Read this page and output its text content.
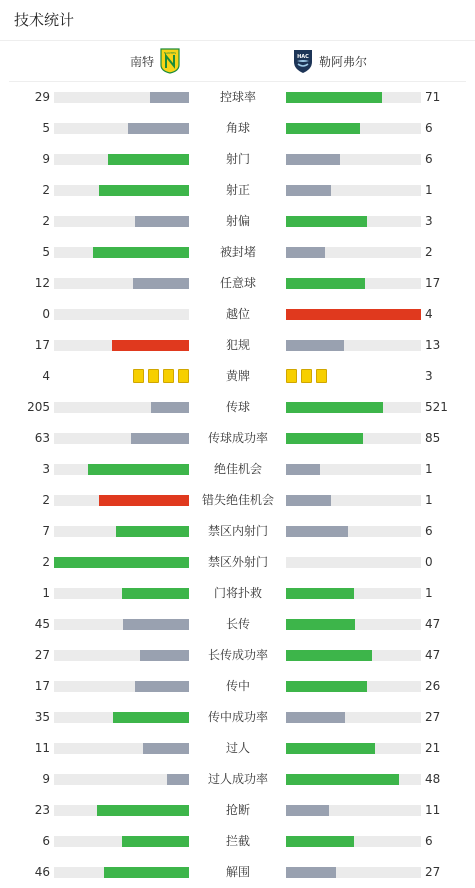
技术统计
南特
NANTES
HAC 勒阿弗尔
29	控球率	71
5	角球	6
9	射门	6
2	射正	1
2	射偏	3
5	被封堵	2
12	任意球	17
0	越位	4
17	犯规	13
4	黄牌	3
205	传球	521
63	传球成功率	85
3	绝佳机会	1
2	错失绝佳机会	1
7	禁区内射门	6
2	禁区外射门	0
1	门将扑救	1
45	长传	47
27	长传成功率	47
17	传中	26
35	传中成功率	27
11	过人	21
9	过人成功率	48
23	抢断	11
6	拦截	6
46	解围	27
